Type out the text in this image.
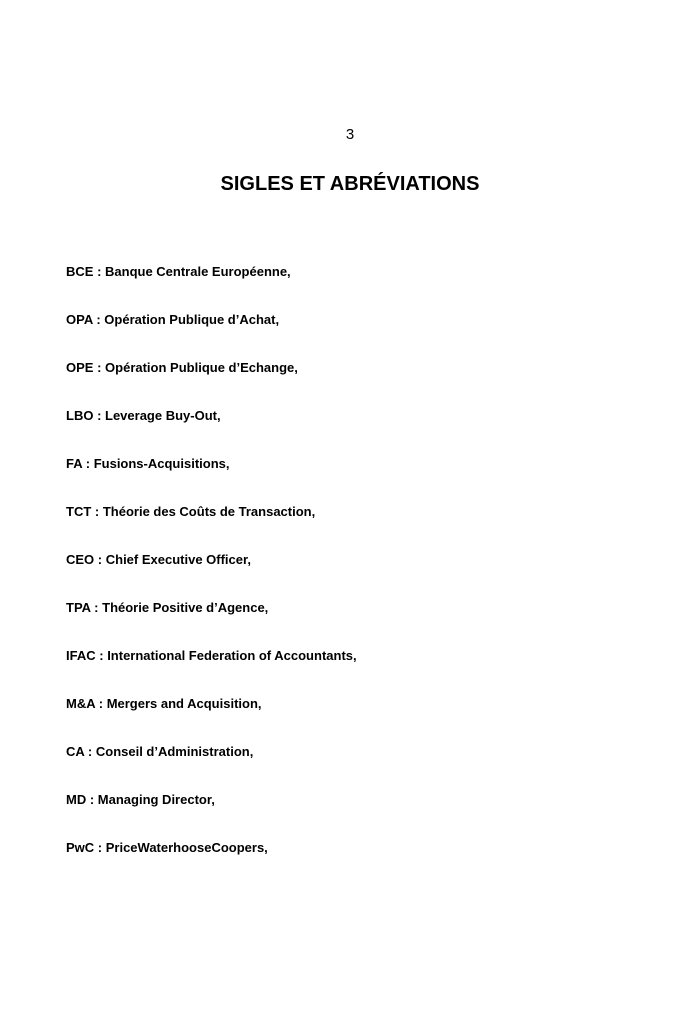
3
SIGLES ET ABRÉVIATIONS
BCE : Banque Centrale Européenne,
OPA : Opération Publique d’Achat,
OPE : Opération Publique d’Echange,
LBO : Leverage Buy-Out,
FA : Fusions-Acquisitions,
TCT : Théorie des Coûts de Transaction,
CEO : Chief Executive Officer,
TPA : Théorie Positive d’Agence,
IFAC : International Federation of Accountants,
M&A : Mergers and Acquisition,
CA : Conseil d’Administration,
MD : Managing Director,
PwC : PriceWaterhooseCoopers,
